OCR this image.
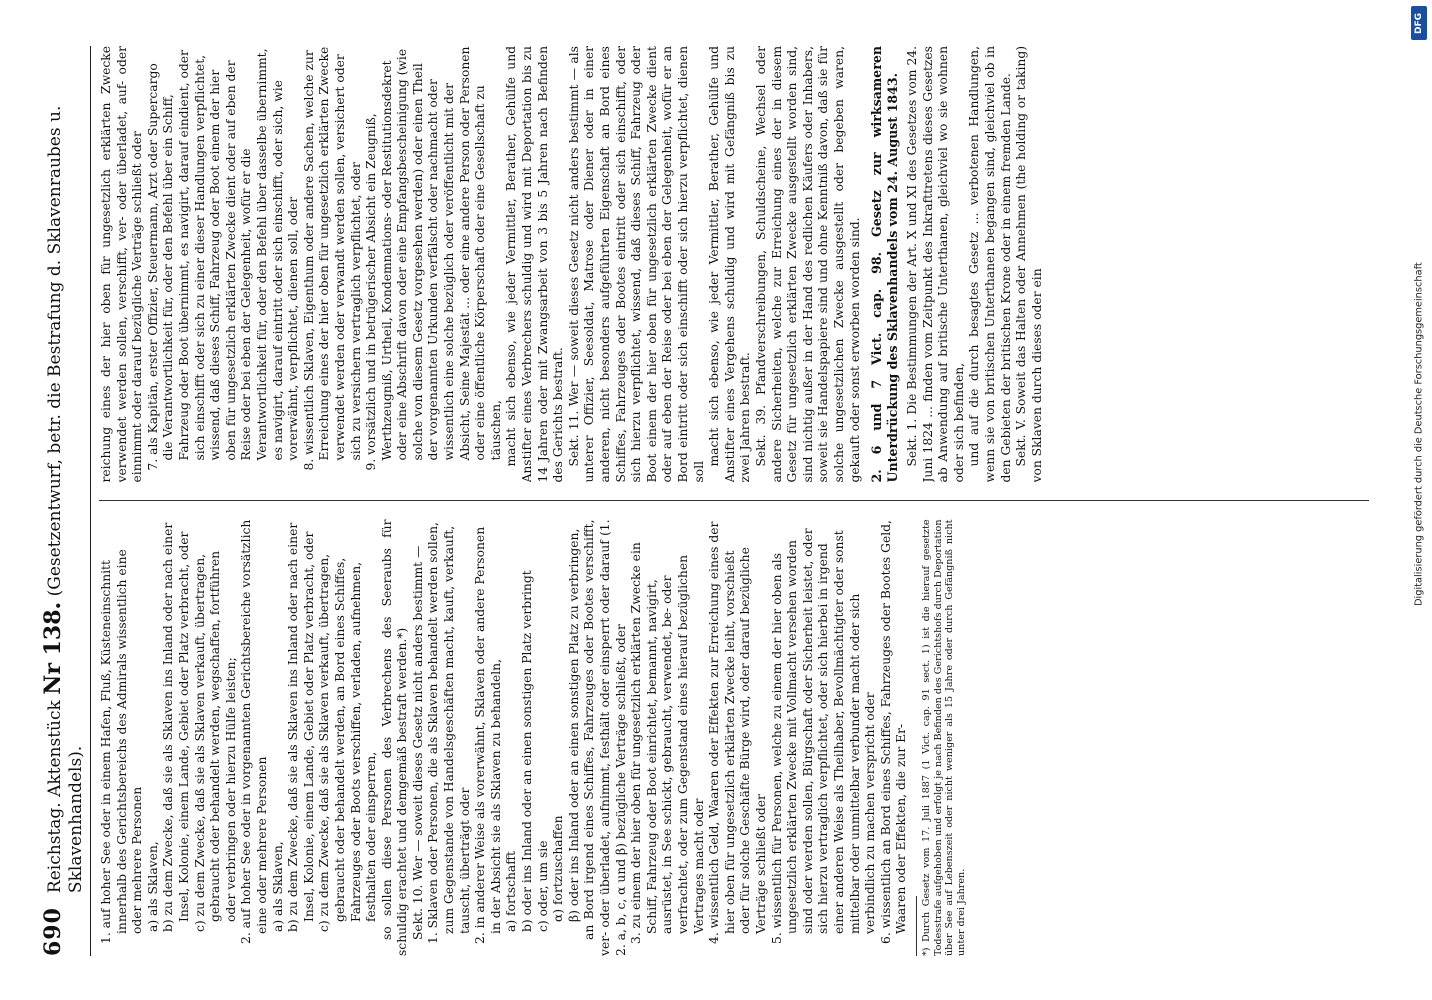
690
Reichstag. Aktenstück Nr 138. (Gesetzentwurf, betr. die Bestrafung d. Sklavenraubes u. Sklavenhandels). 1. auf hoher See oder in einem Hafen, Fluß, Küsteneinschnitt innerhalb des Gerichtsbereichs des Admirals wissentlich eine oder mehrere Personen a) als Sklaven, b) zu dem Zwecke, daß sie als Sklaven ins Inland oder nach einer Insel, Kolonie, einem Lande, Gebiet oder Platz verbracht, oder c) zu dem Zwecke, daß sie als Sklaven verkauft, übertragen, gebraucht oder behandelt werden, wegschaffen, fortführen oder verbringen oder hierzu Hülfe leisten; 2. auf hoher See oder in vorgenannten Gerichtsbereiche vorsätzlich eine oder mehrere Personen a) als Sklaven, b) zu dem Zwecke, daß sie als Sklaven ins Inland oder nach einer Insel, Kolonie, einem Lande, Gebiet oder Platz verbracht, oder c) zu dem Zwecke, daß sie als Sklaven verkauft, übertragen, gebraucht oder behandelt werden, an Bord eines Schiffes, Fahrzeuges oder Boots verschiffen, verladen, aufnehmen, festhalten oder einsperren, so sollen diese Personen des Verbrechens des Seeraubs für schuldig erachtet und demgemäß bestraft werden.*) Sekt. 10. Wer — soweit dieses Gesetz nicht anders bestimmt — 1. Sklaven oder Personen, die als Sklaven behandelt werden sollen, zum Gegenstande von Handelsgeschäften macht, kauft, verkauft, tauscht, überträgt oder 2. in anderer Weise als vorerwähnt, Sklaven oder andere Personen in der Absicht sie als Sklaven zu behandeln, a) fortschafft b) oder ins Inland oder an einen sonstigen Platz verbringt c) oder, um sie α) fortzuschaffen β) oder ins Inland oder an einen sonstigen Platz zu verbringen, an Bord irgend eines Schiffes, Fahrzeuges oder Bootes verschifft, ver- oder überladet, aufnimmt, festhält oder einsperrt oder darauf (1. 2. a, b, c, α und β) bezügliche Verträge schließt, oder 3. zu einem der hier oben für ungesetzlich erklärten Zwecke ein Schiff, Fahrzeug oder Boot einrichtet, bemannt, navigirt, ausrüstet, in See schickt, gebraucht, verwendet, be- oder verfrachtet, oder zum Gegenstand eines hierauf bezüglichen Vertrages macht oder 4. wissentlich Geld, Waaren oder Effekten zur Erreichung eines der hier oben für ungesetzlich erklärten Zwecke leiht, vorschießt oder für solche Geschäfte Bürge wird, oder darauf bezügliche Verträge schließt oder 5. wissentlich für Personen, welche zu einem der hier oben als ungesetzlich erklärten Zwecke mit Vollmacht versehen worden sind oder werden sollen, Bürgschaft oder Sicherheit leistet, oder sich hierzu vertraglich verpflichtet, oder sich hierbei in irgend einer anderen Weise als Theilhaber, Bevollmächtigter oder sonst mittelbar oder unmittelbar verbunder macht oder sich verbindlich zu machen verspricht oder 6. wissentlich an Bord eines Schiffes, Fahrzeuges oder Bootes Geld, Waaren oder Effekten, die zur Er- *) Durch Gesetz vom 17. Juli 1887 (1 Vict. cap. 91 sect. 1) ist die hierauf gesetzte Todesstrafe aufgehoben und erfolgt je nach Befinden des Gerichtshofs durch Deportation über See auf Lebenszeit oder nicht weniger als 15 Jahre oder durch Gefängniß nicht unter drei Jahren.

reichung eines der hier oben für ungesetzlich erklärten Zwecke verwendet werden sollen, verschifft, ver- oder überladet, auf- oder einnimmt oder darauf bezügliche Verträge schließt oder 7. als Kapitän, erster Offizier, Steuermann, Arzt oder Supercargo die Verantwortlichkeit für, oder den Befehl über ein Schiff, Fahrzeug oder Boot übernimmt, es navigirt, darauf eindient, oder sich einschifft oder sich zu einer dieser Handlungen verpflichtet, wissend, daß dieses Schiff, Fahrzeug oder Boot einem der hier oben für ungesetzlich erklärten Zwecke dient oder auf eben der Reise oder bei eben der Gelegenheit, wofür er die Verantwortlichkeit für, oder den Befehl über dasselbe übernimmt, es navigirt, darauf eintritt oder sich einschifft, oder sich, wie vorerwähnt, verpflichtet, dienen soll, oder 8. wissentlich Sklaven, Eigenthum oder andere Sachen, welche zur Erreichung eines der hier oben für ungesetzlich erklärten Zwecke verwendet werden oder verwandt werden sollen, versichert oder sich zu versichern vertraglich verpflichtet, oder 9. vorsätzlich und in betrügerischer Absicht ein Zeugniß, Werthzeugniß, Urtheil, Kondemnations- oder Restitutionsdekret oder eine Abschrift davon oder eine Empfangsbescheinigung (wie solche von diesem Gesetz vorgesehen werden) oder einen Theil der vorgenannten Urkunden verfälscht oder nachmacht oder wissentlich eine solche bezüglich oder veröffentlicht mit der Absicht, Seine Majestät ... oder eine andere Person oder Personen oder eine öffentliche Körperschaft oder eine Gesellschaft zu täuschen, macht sich ebenso, wie jeder Vermittler, Berather, Gehülfe und Anstifter eines Verbrechers schuldig und wird mit Deportation bis zu 14 Jahren oder mit Zwangsarbeit von 3 bis 5 Jahren nach Befinden des Gerichts bestraft. Sekt. 11. Wer — soweit dieses Gesetz nicht anders bestimmt — als unterer Offizier, Seesoldat, Matrose oder Diener oder in einer anderen, nicht besonders aufgeführten Eigenschaft an Bord eines Schiffes, Fahrzeuges oder Bootes eintritt oder sich einschifft, oder sich hierzu verpflichtet, wissend, daß dieses Schiff, Fahrzeug oder Boot einem der hier oben für ungesetzlich erklärten Zwecke dient oder auf eben der Reise oder bei eben der Gelegenheit, wofür er an Bord eintritt oder sich einschifft oder sich hierzu verpflichtet, dienen soll

macht sich ebenso, wie jeder Vermittler, Berather, Gehülfe und Anstifter eines Vergehens schuldig und wird mit Gefängniß bis zu zwei Jahren bestraft. Sekt. 39. Pfandverschreibungen, Schuldscheine, Wechsel oder andere Sicherheiten, welche zur Erreichung eines der in diesem Gesetz für ungesetzlich erklärten Zwecke ausgestellt worden sind, sind nichtig außer in der Hand des redlichen Käufers oder Inhabers, soweit sie Handelspapiere sind und ohne Kenntniß davon, daß sie für solche ungesetzlichen Zwecke ausgestellt oder begeben waren, gekauft oder sonst erworben worden sind. 2. 6 und 7 Vict. cap. 98. Gesetz zur wirksameren Unterdrückung des Sklavenhandels vom 24. August 1843. Sekt. 1. Die Bestimmungen der Art. X und XI des Gesetzes vom 24. Juni 1824 ... finden vom Zeitpunkt des Inkrafttretens dieses Gesetzes ab Anwendung auf britische Unterthanen, gleichviel wo sie wohnen oder sich befinden, und auf die durch besagtes Gesetz ... verbotenen Handlungen, wenn sie von britischen Unterthanen begangen sind, gleichviel ob in den Gebieten der britischen Krone oder in einem fremden Lande. Sekt. V. Soweit das Halten oder Annehmen (the holding or taking) von Sklaven durch dieses oder ein

DFG
Digitalisierung gefördert durch die Deutsche Forschungsgemeinschaft
